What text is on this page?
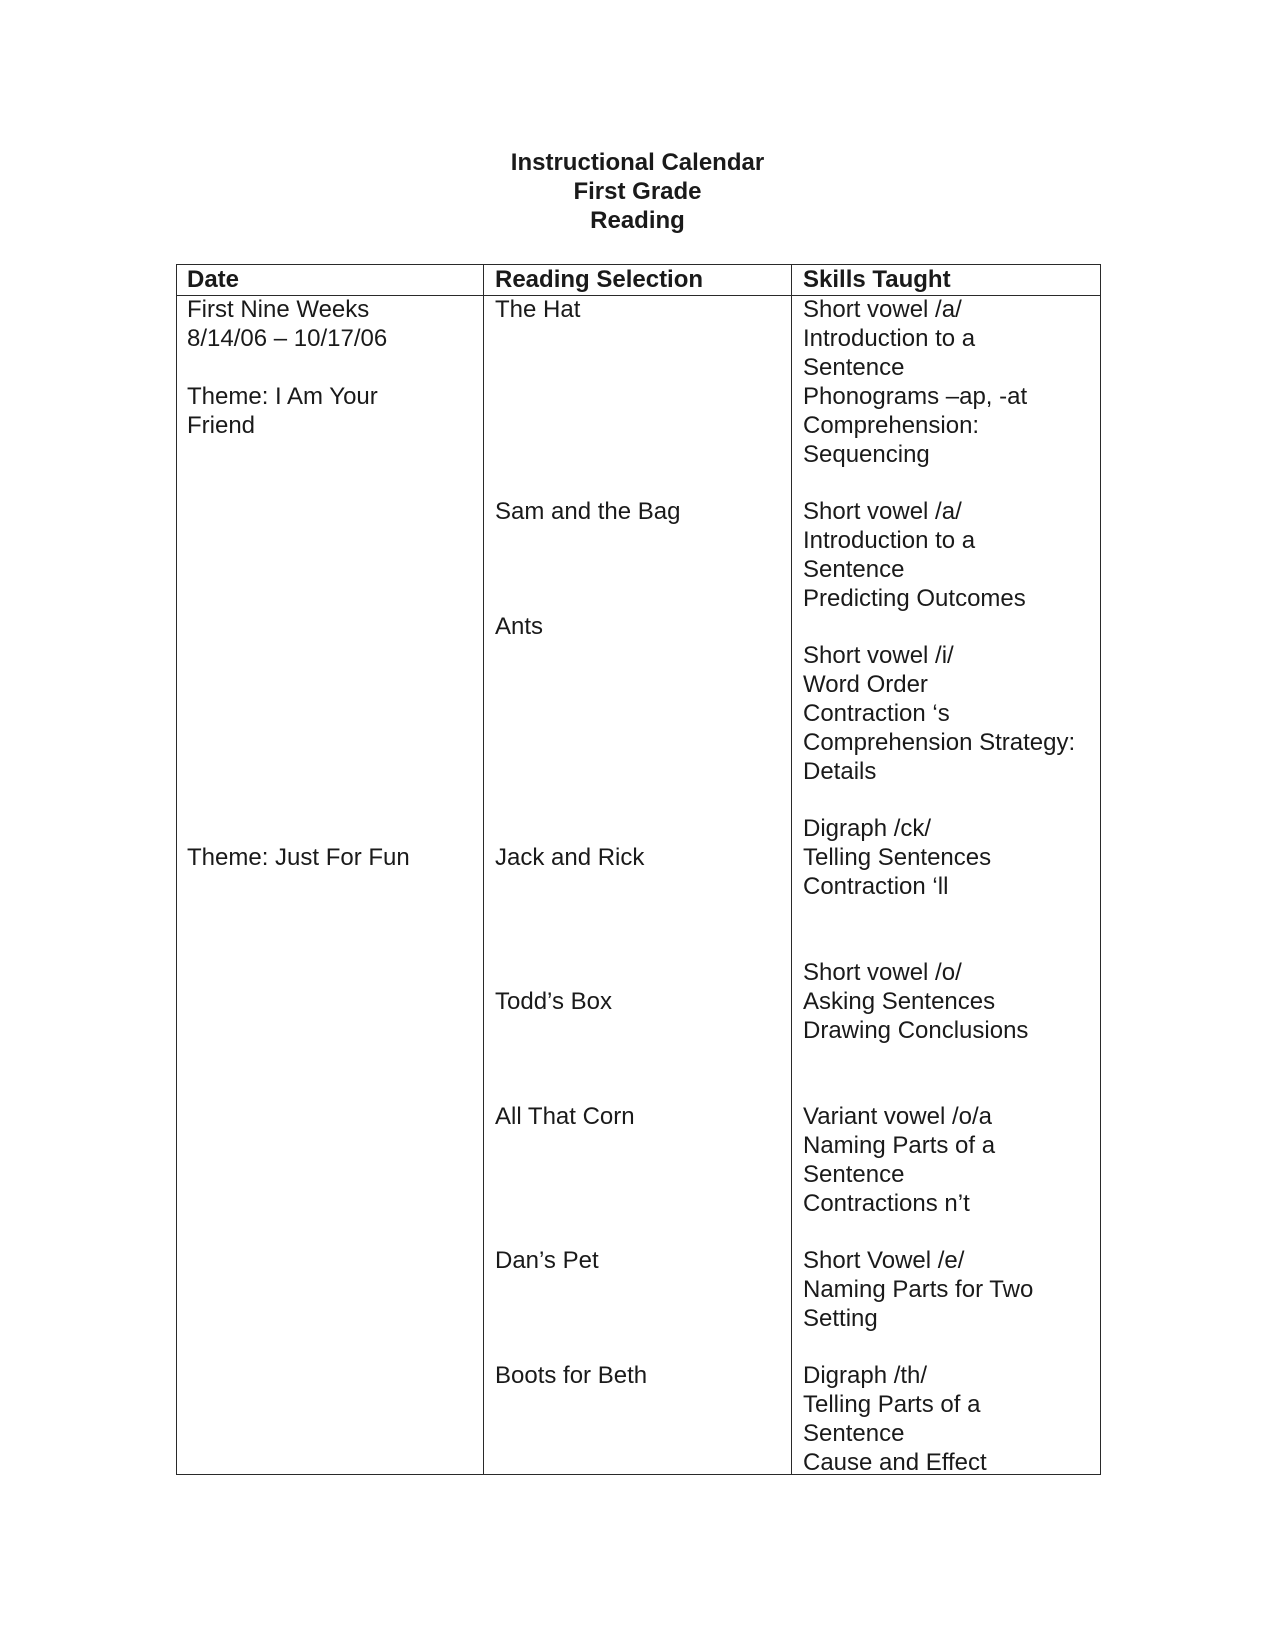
Instructional Calendar
First Grade
Reading
Date	Reading Selection	Skills Taught
First Nine Weeks
8/14/06 – 10/17/06
Theme: I Am Your
Friend
Theme: Just For Fun
The Hat
Sam and the Bag
Ants
Jack and Rick
Todd’s Box
All That Corn
Dan’s Pet
Boots for Beth
Short vowel /a/
Introduction to a
Sentence
Phonograms –ap, -at
Comprehension:
Sequencing
Short vowel /a/
Introduction to a
Sentence
Predicting Outcomes
Short vowel /i/
Word Order
Contraction ‘s
Comprehension Strategy:
Details
Digraph /ck/
Telling Sentences
Contraction ‘ll
Short vowel /o/
Asking Sentences
Drawing Conclusions
Variant vowel /o/a
Naming Parts of a
Sentence
Contractions n’t
Short Vowel /e/
Naming Parts for Two
Setting
Digraph /th/
Telling Parts of a
Sentence
Cause and Effect
